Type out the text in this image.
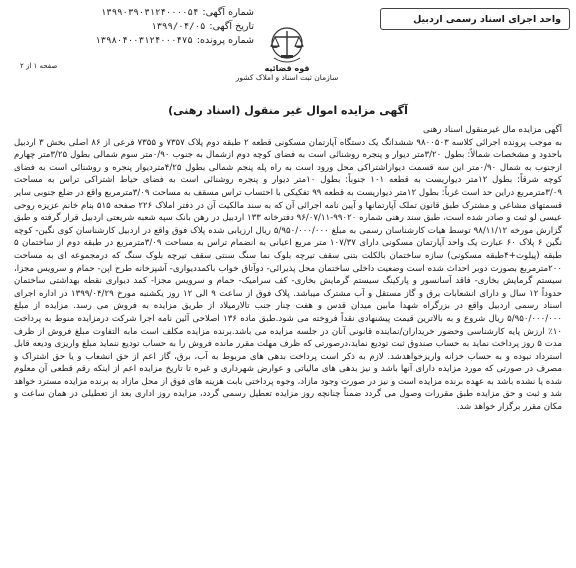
واحد اجرای اسناد رسمی اردبیل
شماره آگهی:
۱۳۹۹۰۳۹۰۳۱۲۴۰۰۰۰۵۴
تاریخ آگهی:
۱۳۹۹/۰۴/۰۵
شماره پرونده:
۱۳۹۸۰۴۰۰۳۱۲۴۰۰۰۴۷۵
قوه قضائیه
سازمان ثبت اسناد و املاک کشور
صفحه ۱ از ۲
آگهی مزایده اموال غیر منقول (اسناد رهنی)

آگهی مزایده مال غیرمنقول اسناد رهنی

به موجب پرونده اجرائی کلاسه ۹۸۰۰۵۰۳ ششدانگ یک دستگاه آپارتمان مسکونی قطعه ۲ طبقه دوم پلاک ۷۳۵۷ و ۷۳۵۵ فرعی از ۸۶ اصلی بخش ۳ اردبیل باحدود و مشخصات شمالاً: بطول ۳/۲۰متر دیوار و پنجره روشنائی است به فضای کوچه دوم ازشمال به جنوب ۰/۹۰متر سوم شمالی بطول ۳/۲۵متر چهارم ازجنوب به شمال ۰/۹۰متر این سه قسمت دیواراشتراکی محل ورود است به راه پله پنجم شمالی بطول ۴/۲۵متردیوار پنجره و روشنائی است به فضای کوچه شرقاً: بطول ۱۲متر دیواریست به قطعه ۱۰۱ جنوباً: بطول ۱۰متر دیوار و پنجره روشنائی است به فضای حیاط اشتراکی تراس به مساحت ۳/۰۹مترمربع دراین حد است غرباً: بطول ۱۲متر دیواریست به قطعه ۹۹ تفکیکی با احتساب تراس مسقف به مساحت ۳/۰۹مترمربع واقع در ضلع جنوبی سایر قسمتهای مشاعی و مشترک طبق قانون تملک آپارتمانها و آیین نامه اجرائی آن که به سند مالکیت آن در دفتر املاک ۲۲۶ صفحه ۵۱۵ بنام خانم عزیزه روحی عیسی لو ثبت و صادر شده است، طبق سند رهنی شماره ۹۹۰۲۰-۹۶/۰۷/۱۱ دفترخانه ۱۳۳ اردبیل در رهن بانک سپه شعبه شریعتی اردبیل قرار گرفته و طبق گزارش مورخه ۹۸/۱۱/۱۲ توسط هیات کارشناسان رسمی به مبلغ ۵/۹۵۰/۰۰۰/۰۰۰ ریال ارزیابی شده پلاک فوق واقع در اردبیل کارشناسان کوی نگین- کوچه نگین ۶ پلاک ۶۰ عبارت یک واحد آپارتمان مسکونی دارای ۱۰۷/۳۷ متر مربع اعیانی به انضمام تراس به مساحت ۳/۰۹مترمربع در طبقه دوم از ساختمان ۵ طبقه (پیلوت+۴طبقه مسکونی) سازه ساختمان بالکلت بتنی سقف تیرچه بلوک نما سنگ سنتی سقف تیرچه بلوک سنگ که درمجموعه ای به مساحت ۲۰۰مترمربع بصورت دوبر احداث شده است وضعیت داخلی ساختمان محل پذیرائی- دوآتاق خواب باکمددیواری- آشپزخانه طرح اپن- حمام و سرویس مجزا، سیستم گرمایش بخاری- فاقد آسانسور و پارکینگ سیستم گرمایش بخاری- کف سرامیک- حمام و سرویس مجزا- کمد دیواری نقطه بهداشتی ساختمان حدوداً ۱۲ سال و دارای انشعابات برق و گاز مستقل و آب مشترک میباشد. پلاک فوق از ساعت ۹ الی ۱۲ روز یکشنبه مورخ ۱۳۹۹/۰۴/۲۹ در اداره اجرای اسناد رسمی اردبیل واقع در بزرگراه شهدا مابین میدان قدس و هفت چنار جنب تالارمیلاد از طریق مزایده به فروش می رسد. مزایده از مبلغ ۵/۹۵۰/۰۰۰/۰۰۰ ریال شروع و به بالاترین قیمت پیشنهادی نقداً فروخته می شود.طبق ماده ۱۳۶ اصلاحی آئین نامه اجرا شرکت درمزایده منوط به پرداخت ۱۰٪ ارزش پایه کارشناسی وحضور خریداران/نماینده قانونی آنان در جلسه مزایده می باشد.برنده مزایده مکلف است مابه التفاوت مبلغ فروش از ظرف مدت ۵ روز پرداخت نماید به حساب صندوق ثبت تودیع نماید،درصورتی که ظرف مهلت مقرر مانده فروش را به حساب تودیع ننماید مبلغ واریزی ودیعه قابل استرداد نبوده و به حساب خزانه واریزخواهدشد. لازم به ذکر است پرداخت بدهی های مربوط به آب، برق، گاز اعم از حق انشعاب و یا حق اشتراک و مصرف در صورتی که مورد مزایده دارای آنها باشد و نیز بدهی های مالیاتی و عوارض شهرداری و غیره تا تاریخ مزایده اعم از اینکه رقم قطعی آن معلوم شده یا نشده باشد به عهده برنده مزایده است و نیز در صورت وجود مازاد، وجوه پرداختی بابت هزینه های فوق از محل مازاد به برنده مزایده مسترد خواهد شد و ثبت و حق مزایده طبق مقررات وصول می گردد ضمناً چنانچه روز مزایده تعطیل رسمی گردد، مزایده روز اداری بعد از تعطیلی در همان ساعت و مکان مقرر برگزار خواهد شد.
